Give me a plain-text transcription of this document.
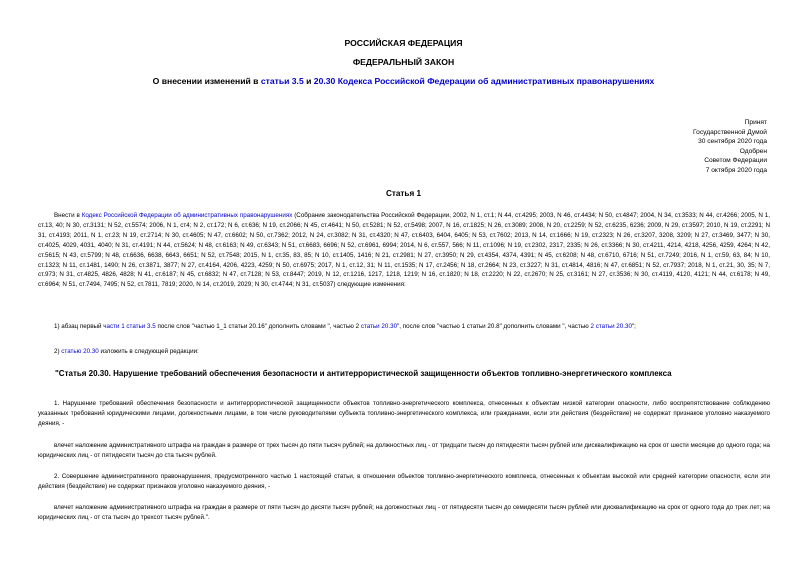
РОССИЙСКАЯ ФЕДЕРАЦИЯ
ФЕДЕРАЛЬНЫЙ ЗАКОН
О внесении изменений в статьи 3.5 и 20.30 Кодекса Российской Федерации об административных правонарушениях
Принят
Государственной Думой
30 сентября 2020 года
Одобрен
Советом Федерации
7 октября 2020 года
Статья 1
Внести в Кодекс Российской Федерации об административных правонарушениях (Собрание законодательства Российской Федерации, 2002, N 1, ст.1; N 44, ст.4295; 2003, N 46, ст.4434; N 50, ст.4847; 2004, N 34, ст.3533; N 44, ст.4266; 2005, N 1, ст.13, 40; N 30, ст.3131; N 52, ст.5574; 2006, N 1, ст4; N 2, ст.172; N 6, ст.636; N 19, ст.2066; N 45, ст.4641; N 50, ст.5281; N 52, ст.5498; 2007, N 16, ст.1825; N 26, ст.3089; 2008, N 20, ст.2259; N 52, ст.6235, 6236; 2009, N 29, ст.3597; 2010, N 19, ст.2291; N 31, ст.4193; 2011, N 1, ст.23; N 19, ст.2714; N 30, ст.4605; N 47, ст.6602; N 50, ст.7362; 2012, N 24, ст.3082; N 31, ст.4320; N 47, ст.6403, 6404, 6405; N 53, ст.7602; 2013, N 14, ст.1666; N 19, ст.2323; N 26, ст.3207, 3208, 3209; N 27, ст.3469, 3477; N 30, ст.4025, 4029, 4031, 4040; N 31, ст.4191; N 44, ст.5624; N 48, ст.6163; N 49, ст.6343; N 51, ст.6683, 6696; N 52, ст.6961, 6994; 2014, N 6, ст.557, 566; N 11, ст.1096; N 19, ст.2302, 2317, 2335; N 26, ст.3366; N 30, ст.4211, 4214, 4218, 4256, 4259, 4264; N 42, ст.5615; N 43, ст.5799; N 48, ст.6636, 6638, 6643, 6651; N 52, ст.7548; 2015, N 1, ст.35, 83, 85; N 10, ст.1405, 1416; N 21, ст.2981; N 27, ст.3950; N 29, ст.4354, 4374, 4391; N 45, ст.6208; N 48, ст.6710, 6716; N 51, ст.7249; 2016, N 1, ст.59, 63, 84; N 10, ст.1323; N 11, ст.1481, 1490; N 26, ст.3871, 3877; N 27, ст.4164, 4206, 4223, 4259; N 50, ст.6975; 2017, N 1, ст.12, 31; N 11, ст.1535; N 17, ст.2456; N 18, ст.2664; N 23, ст.3227; N 31, ст.4814, 4816; N 47, ст.6851; N 52, ст.7937; 2018, N 1, ст.21, 30, 35; N 7, ст.973; N 31, ст.4825, 4826, 4828; N 41, ст.6187; N 45, ст.6832; N 47, ст.7128; N 53, ст.8447; 2019, N 12, ст.1216, 1217, 1218, 1219; N 16, ст.1820; N 18, ст.2220; N 22, ст.2670; N 25, ст.3161; N 27, ст.3536; N 30, ст.4119, 4120, 4121; N 44, ст.6178; N 49, ст.6964; N 51, ст.7494, 7495; N 52, ст.7811, 7819; 2020, N 14, ст.2019, 2029; N 30, ст.4744; N 31, ст.5037) следующие изменения:
1) абзац первый части 1 статьи 3.5 после слов "частью 1_1 статьи 20.16" дополнить словами ", частью 2 статьи 20.30", после слов "частью 1 статьи 20.8" дополнить словами ", частью 2 статьи 20.30";
2) статью 20.30 изложить в следующей редакции:
"Статья 20.30. Нарушение требований обеспечения безопасности и антитеррористической защищенности объектов топливно-энергетического комплекса
1. Нарушение требований обеспечения безопасности и антитеррористической защищенности объектов топливно-энергетического комплекса, отнесенных к объектам низкой категории опасности, либо воспрепятствование соблюдению указанных требований юридическими лицами, должностными лицами, в том числе руководителями субъекта топливно-энергетического комплекса, или гражданами, если эти действия (бездействие) не содержат признаков уголовно наказуемого деяния, -
влечет наложение административного штрафа на граждан в размере от трех тысяч до пяти тысяч рублей; на должностных лиц - от тридцати тысяч до пятидесяти тысяч рублей или дисквалификацию на срок от шести месяцев до одного года; на юридических лиц - от пятидесяти тысяч до ста тысяч рублей.
2. Совершение административного правонарушения, предусмотренного частью 1 настоящей статьи, в отношении объектов топливно-энергетического комплекса, отнесенных к объектам высокой или средней категории опасности, если эти действия (бездействие) не содержат признаков уголовно наказуемого деяния, -
влечет наложение административного штрафа на граждан в размере от пяти тысяч до десяти тысяч рублей; на должностных лиц - от пятидесяти тысяч до семидесяти тысяч рублей или дисквалификацию на срок от одного года до трех лет; на юридических лиц - от ста тысяч до трехсот тысяч рублей.".
